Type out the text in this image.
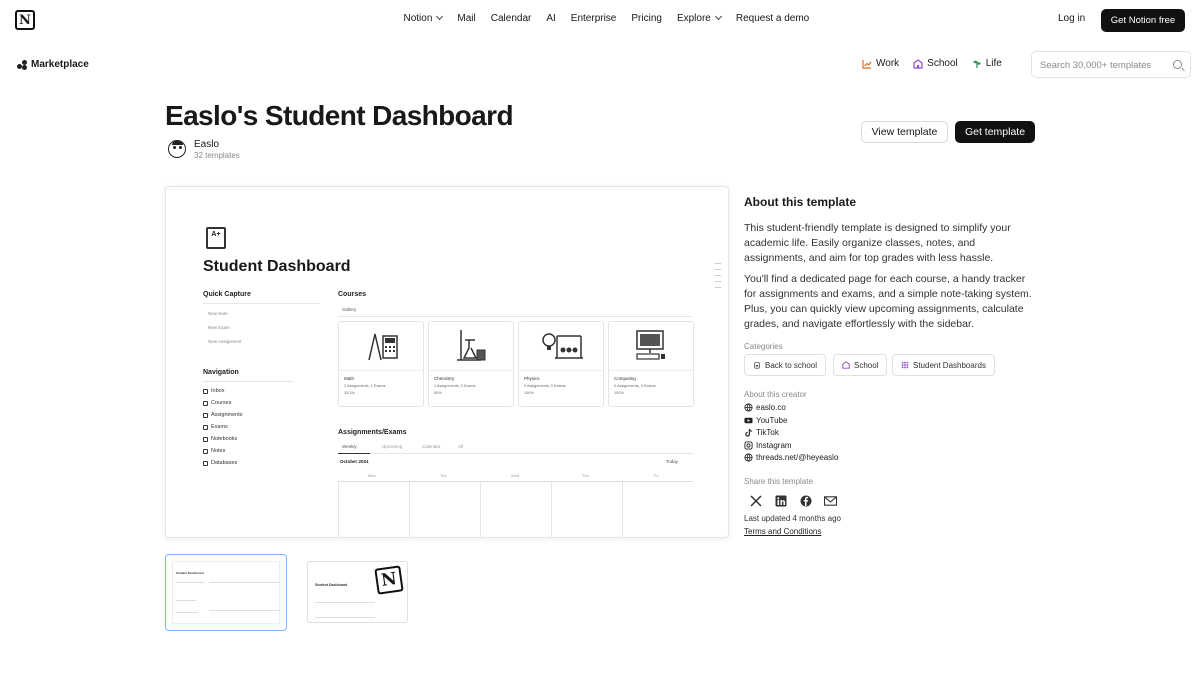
N	Notion	Mail	Calendar	AI	Enterprise	Pricing	Explore	Request a demo	Log in	Get Notion free
Marketplace	Work	School	Life	Search 30,000+ templates
Easlo's Student Dashboard
Easlo
32 templates
View template	Get template
A+
Student Dashboard
Quick Capture
New Note
New Exam
New Assignment
Navigation
Inbox
Courses
Assignments
Exams
Notebooks
Notes
Databases
Courses
Gallery
Math
2 Assignments, 1 Exams
33.3%
Chemistry
1 Assignments, 0 Exams
50%
Physics
0 Assignments, 0 Exams
100%
Computing
0 Assignments, 0 Exams
100%
Assignments/Exams
Weekly	Upcoming	Calendar	All
October 2024	Today
Mon	Tue	Wed	Thu	Fri
Student Dashboard
Student Dashboard	N
About this template
This student-friendly template is designed to simplify your academic life. Easily organize classes, notes, and assignments, and aim for top grades with less hassle.
You'll find a dedicated page for each course, a handy tracker for assignments and exams, and a simple note-taking system. Plus, you can quickly view upcoming assignments, calculate grades, and navigate effortlessly with the sidebar.
Categories
Back to school	School	Student Dashboards
About this creator
easlo.co
YouTube
TikTok
Instagram
threads.net/@heyeaslo
Share this template
Last updated 4 months ago
Terms and Conditions
